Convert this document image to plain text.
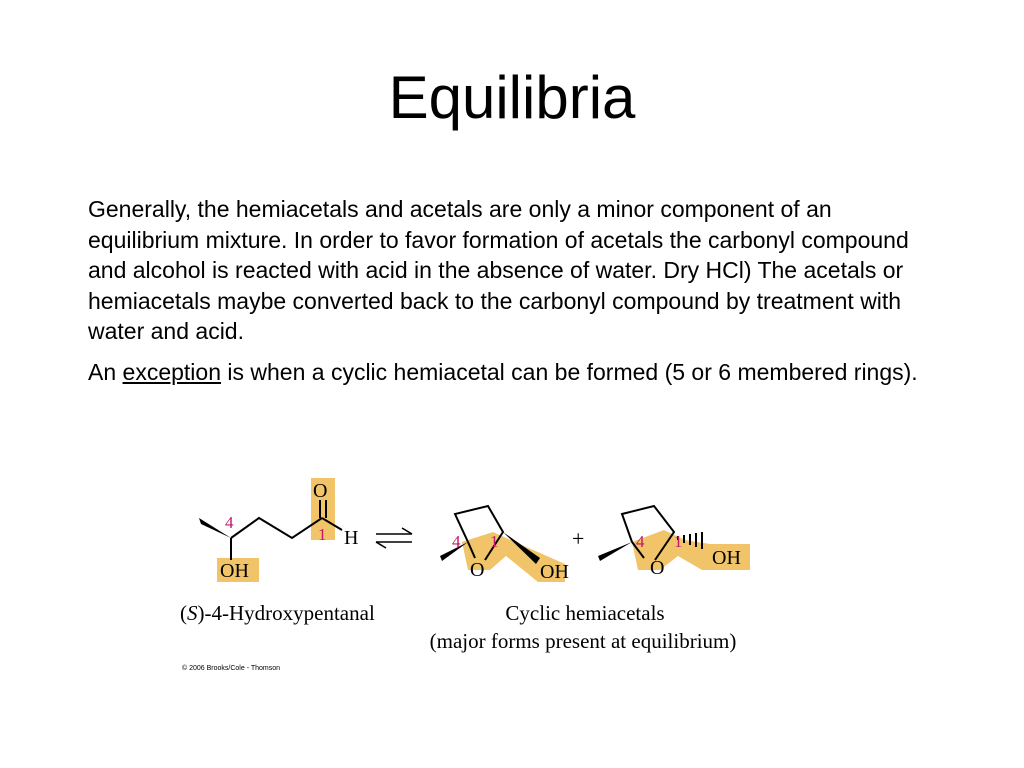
Equilibria

Generally, the hemiacetals and acetals are only a minor component of an equilibrium mixture. In order to favor formation of acetals the carbonyl compound and alcohol is reacted with acid in the absence of water. Dry HCl) The acetals or hemiacetals maybe converted back to the carbonyl compound by treatment with water and acid.

An exception is when a cyclic hemiacetal can be formed (5 or 6 membered rings).

O
H
OH
4
1
O	OH
4 1	+
O OH
4 1
(S)-4-Hydroxypentanal	Cyclic hemiacetals
(major forms present at equilibrium)
© 2006 Brooks/Cole - Thomson
